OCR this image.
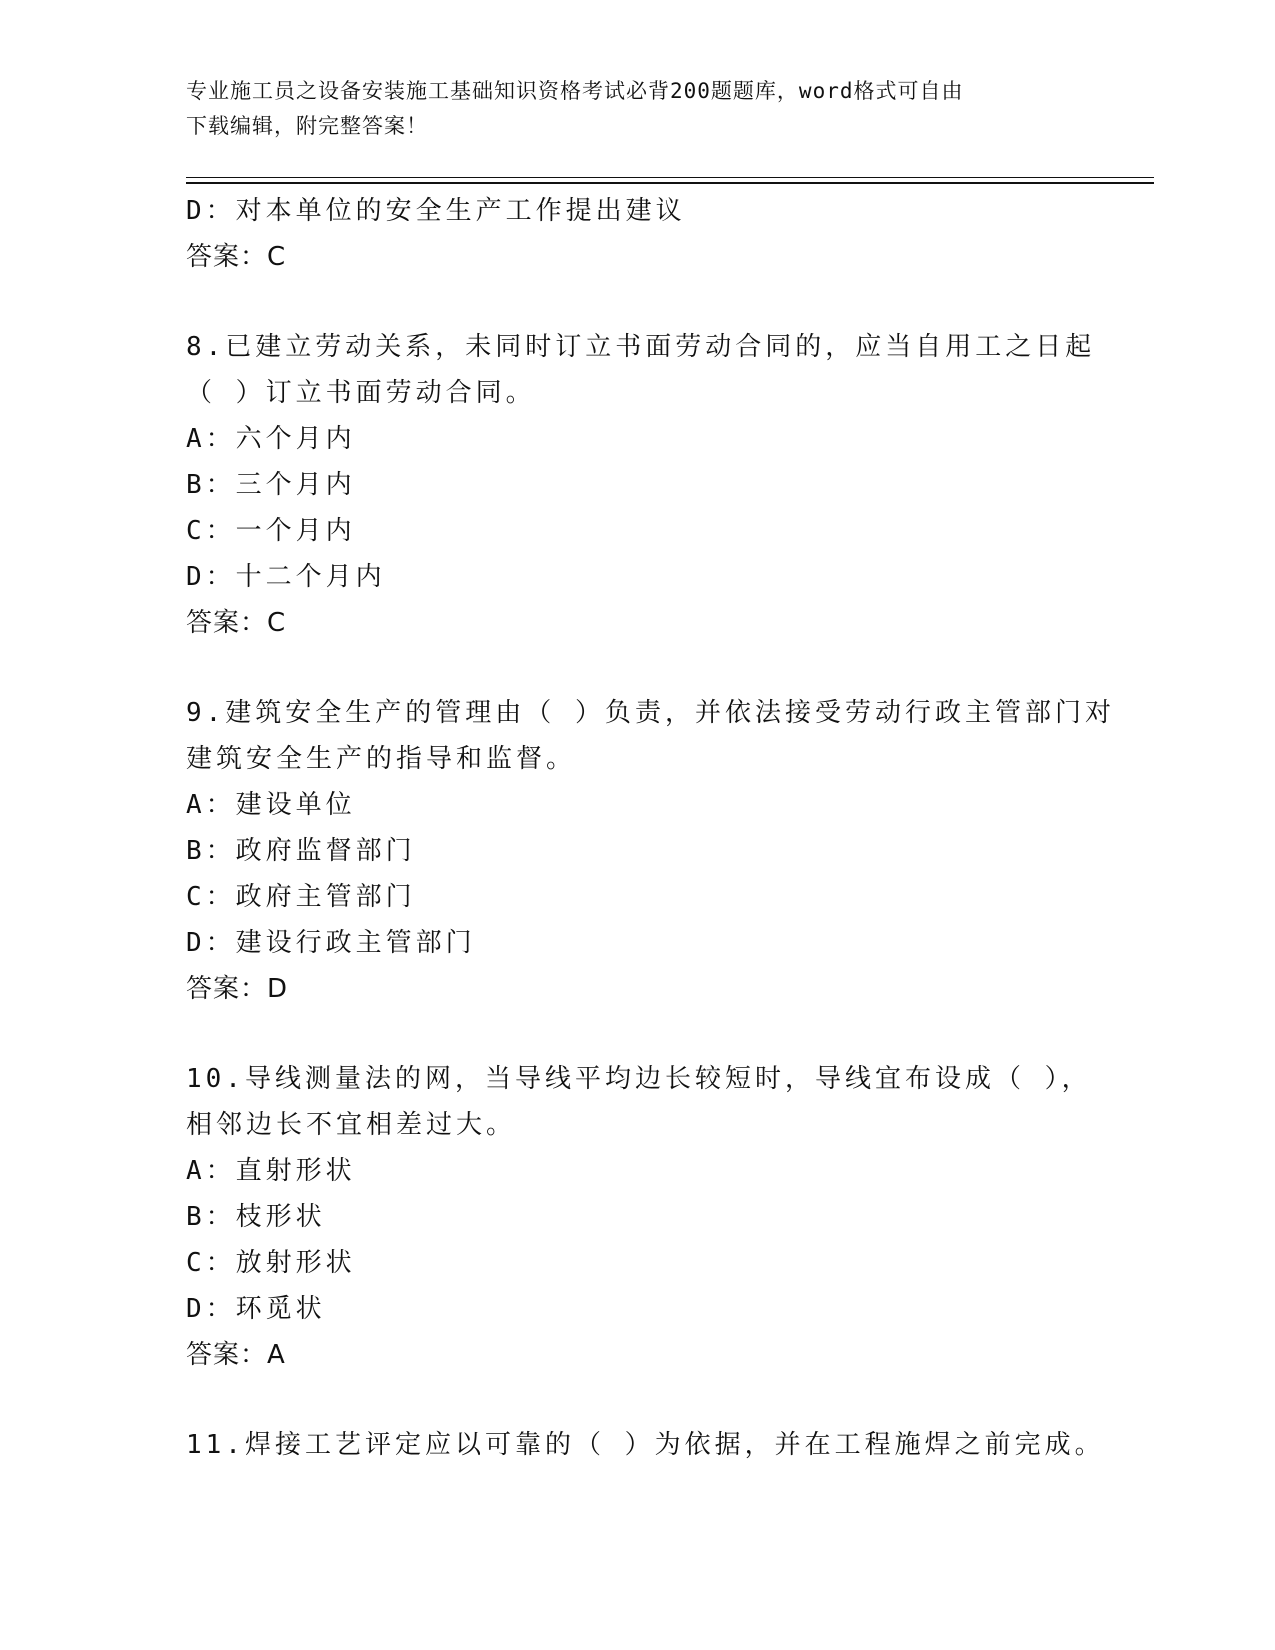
专业施工员之设备安装施工基础知识资格考试必背200题题库，word格式可自由
下载编辑，附完整答案！
D：对本单位的安全生产工作提出建议
答案：C
8.已建立劳动关系，未同时订立书面劳动合同的，应当自用工之日起
（ ）订立书面劳动合同。
A：六个月内
B：三个月内
C：一个月内
D：十二个月内
答案：C
9.建筑安全生产的管理由（ ）负责，并依法接受劳动行政主管部门对
建筑安全生产的指导和监督。
A：建设单位
B：政府监督部门
C：政府主管部门
D：建设行政主管部门
答案：D
10.导线测量法的网，当导线平均边长较短时，导线宜布设成（ ），
相邻边长不宜相差过大。
A：直射形状
B：枝形状
C：放射形状
D：环觅状
答案：A
11.焊接工艺评定应以可靠的（ ）为依据，并在工程施焊之前完成。
